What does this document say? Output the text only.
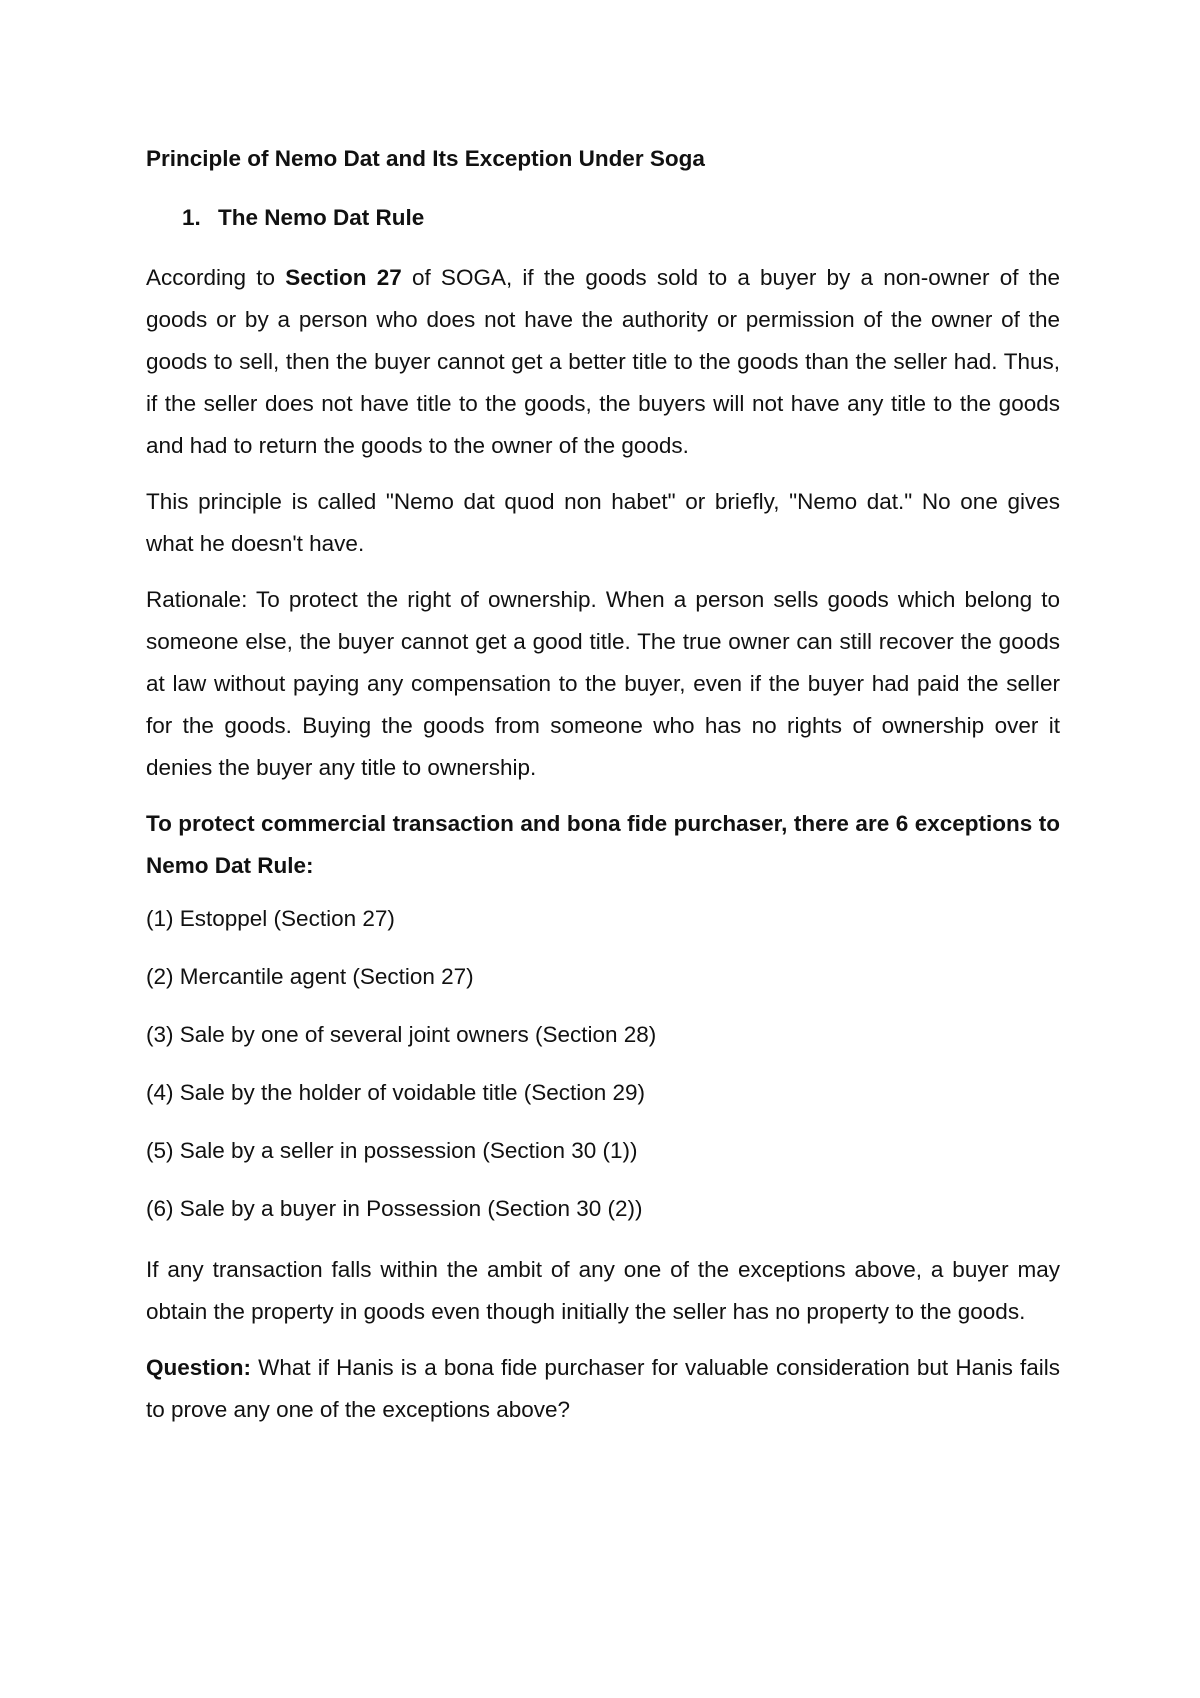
Principle of Nemo Dat and Its Exception Under Soga

1. The Nemo Dat Rule

According to Section 27 of SOGA, if the goods sold to a buyer by a non-owner of the goods or by a person who does not have the authority or permission of the owner of the goods to sell, then the buyer cannot get a better title to the goods than the seller had. Thus, if the seller does not have title to the goods, the buyers will not have any title to the goods and had to return the goods to the owner of the goods.

This principle is called "Nemo dat quod non habet" or briefly, "Nemo dat." No one gives what he doesn't have.

Rationale: To protect the right of ownership. When a person sells goods which belong to someone else, the buyer cannot get a good title. The true owner can still recover the goods at law without paying any compensation to the buyer, even if the buyer had paid the seller for the goods. Buying the goods from someone who has no rights of ownership over it denies the buyer any title to ownership.

To protect commercial transaction and bona fide purchaser, there are 6 exceptions to Nemo Dat Rule:

(1) Estoppel (Section 27)

(2) Mercantile agent (Section 27)

(3) Sale by one of several joint owners (Section 28)

(4) Sale by the holder of voidable title (Section 29)

(5) Sale by a seller in possession (Section 30 (1))

(6) Sale by a buyer in Possession (Section 30 (2))

If any transaction falls within the ambit of any one of the exceptions above, a buyer may obtain the property in goods even though initially the seller has no property to the goods.

Question: What if Hanis is a bona fide purchaser for valuable consideration but Hanis fails to prove any one of the exceptions above?
